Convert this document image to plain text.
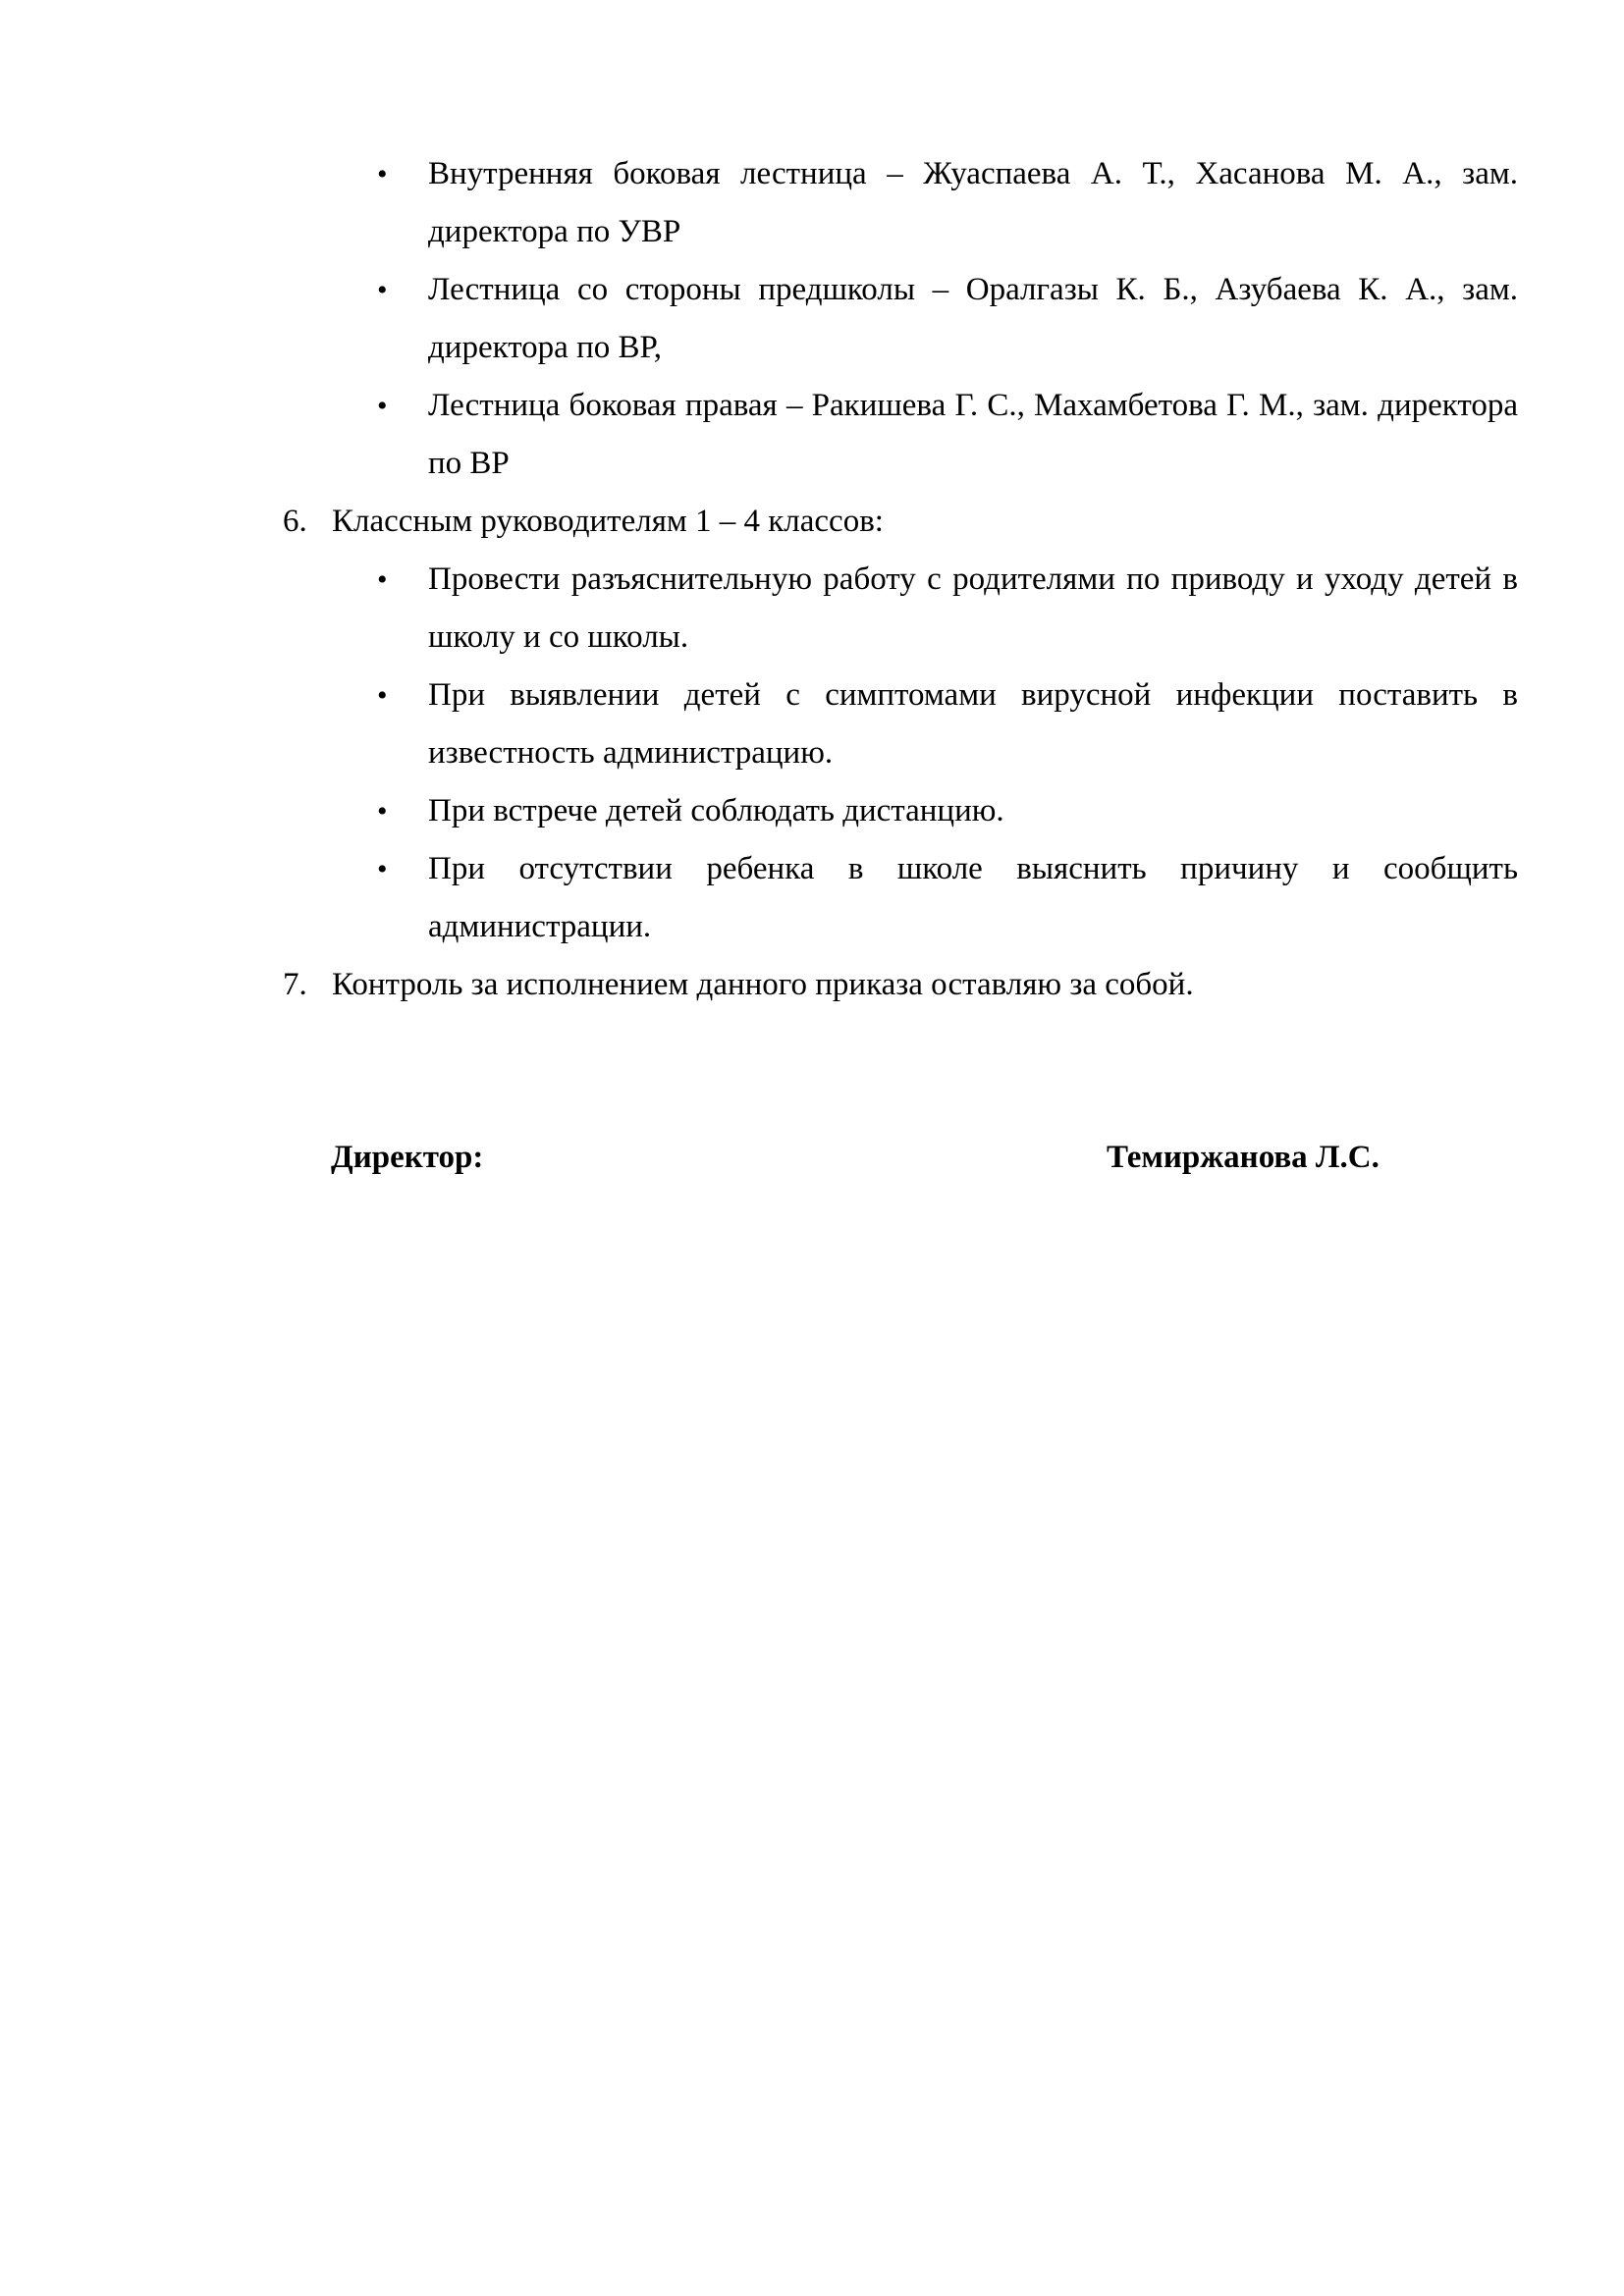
• Внутренняя боковая лестница – Жуаспаева А. Т., Хасанова М. А., зам. директора по УВР
• Лестница со стороны предшколы – Оралгазы К. Б., Азубаева К. А., зам. директора по ВР,
• Лестница боковая правая – Ракишева Г. С., Махамбетова Г. М., зам. директора по ВР

6. Классным руководителям 1 – 4 классов:

• Провести разъяснительную работу с родителями по приводу и уходу детей в школу и со школы.
• При выявлении детей с симптомами вирусной инфекции поставить в известность администрацию.
• При встрече детей соблюдать дистанцию.
• При отсутствии ребенка в школе выяснить причину и сообщить администрации.

7. Контроль за исполнением данного приказа оставляю за собой.

Директор:	Темиржанова Л.С.
